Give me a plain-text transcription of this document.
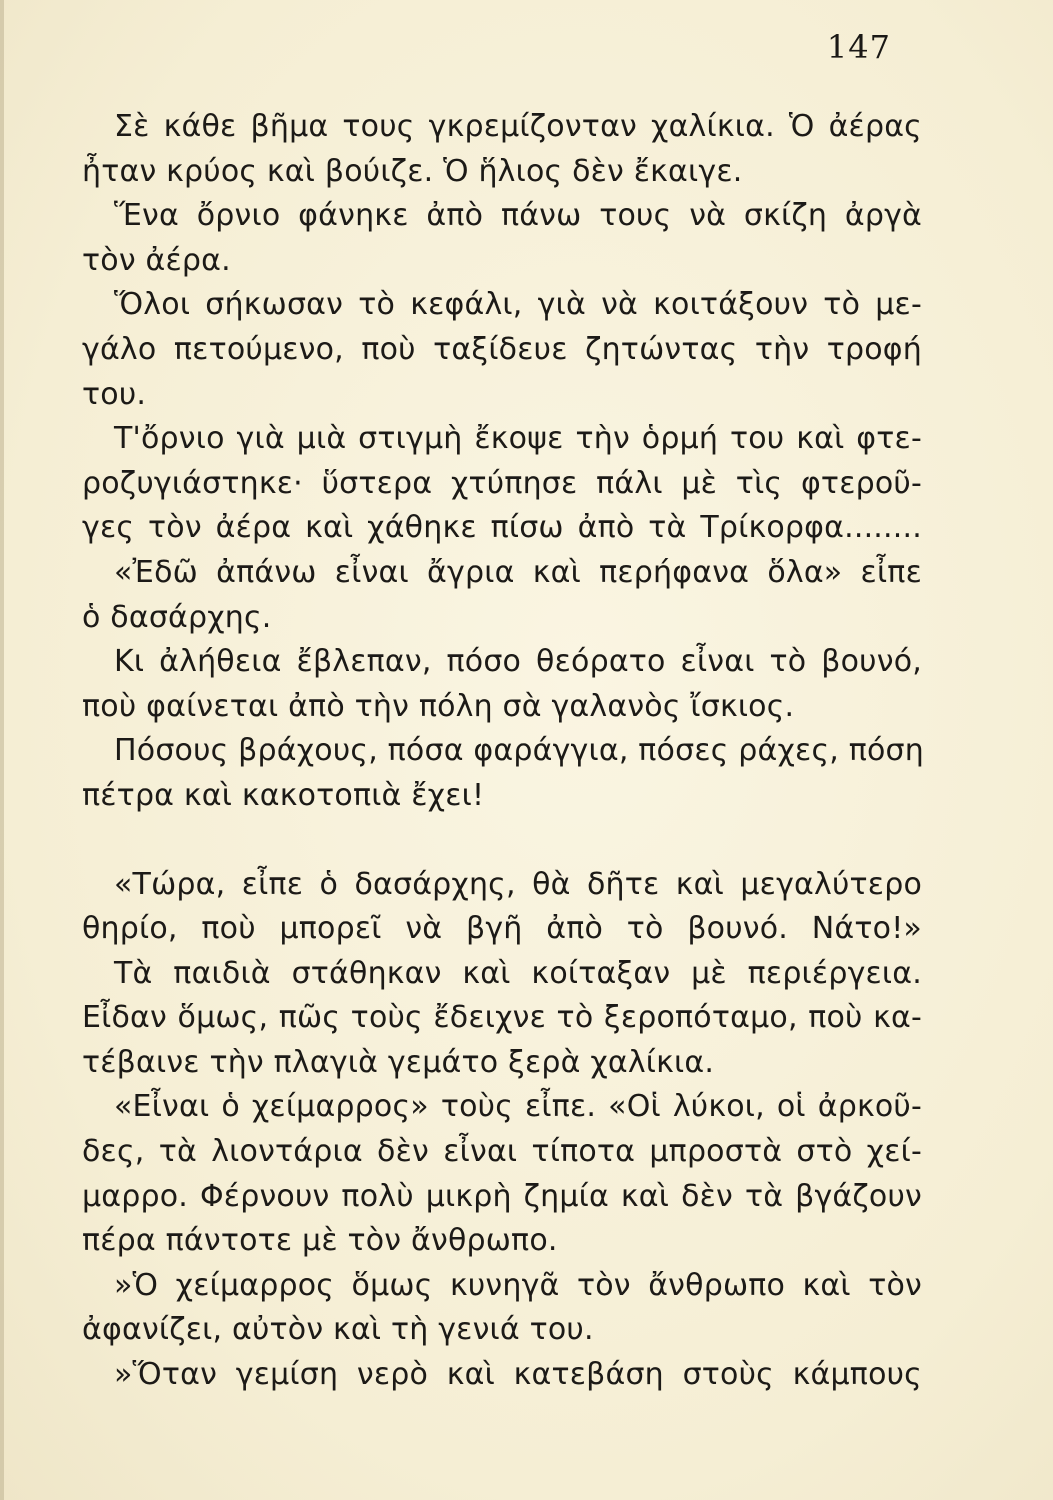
147
Σὲ κάθε βῆμα τους γκρεμίζονταν χαλίκια. Ὁ ἀέρας
ἦταν κρύος καὶ βούιζε. Ὁ ἥλιος δὲν ἔκαιγε.
Ἕνα ὄρνιο φάνηκε ἀπὸ πάνω τους νὰ σκίζη ἀργὰ
τὸν ἀέρα.
Ὅλοι σήκωσαν τὸ κεφάλι, γιὰ νὰ κοιτάξουν τὸ με-
γάλο πετούμενο, ποὺ ταξίδευε ζητώντας τὴν τροφή
του.
Τ'ὄρνιο γιὰ μιὰ στιγμὴ ἔκοψε τὴν ὁρμή του καὶ φτε-
ροζυγιάστηκε· ὕστερα χτύπησε πάλι μὲ τὶς φτεροῦ-
γες τὸν ἀέρα καὶ χάθηκε πίσω ἀπὸ τὰ Τρίκορφα........
«Ἐδῶ ἀπάνω εἶναι ἄγρια καὶ περήφανα ὅλα» εἶπε
ὁ δασάρχης.
Κι ἀλήθεια ἔβλεπαν, πόσο θεόρατο εἶναι τὸ βουνό,
ποὺ φαίνεται ἀπὸ τὴν πόλη σὰ γαλανὸς ἴσκιος.
Πόσους βράχους, πόσα φαράγγια, πόσες ράχες, πόση
πέτρα καὶ κακοτοπιὰ ἔχει!
«Τώρα, εἶπε ὁ δασάρχης, θὰ δῆτε καὶ μεγαλύτερο
θηρίο, ποὺ μπορεῖ νὰ βγῆ ἀπὸ τὸ βουνό. Νάτο!»
Τὰ παιδιὰ στάθηκαν καὶ κοίταξαν μὲ περιέργεια.
Εἶδαν ὅμως, πῶς τοὺς ἔδειχνε τὸ ξεροπόταμο, ποὺ κα-
τέβαινε τὴν πλαγιὰ γεμάτο ξερὰ χαλίκια.
«Εἶναι ὁ χείμαρρος» τοὺς εἶπε. «Οἱ λύκοι, οἱ ἀρκοῦ-
δες, τὰ λιοντάρια δὲν εἶναι τίποτα μπροστὰ στὸ χεί-
μαρρο. Φέρνουν πολὺ μικρὴ ζημία καὶ δὲν τὰ βγάζουν
πέρα πάντοτε μὲ τὸν ἄνθρωπο.
»Ὁ χείμαρρος ὅμως κυνηγᾶ τὸν ἄνθρωπο καὶ τὸν
ἀφανίζει, αὐτὸν καὶ τὴ γενιά του.
»Ὅταν γεμίση νερὸ καὶ κατεβάση στοὺς κάμπους
